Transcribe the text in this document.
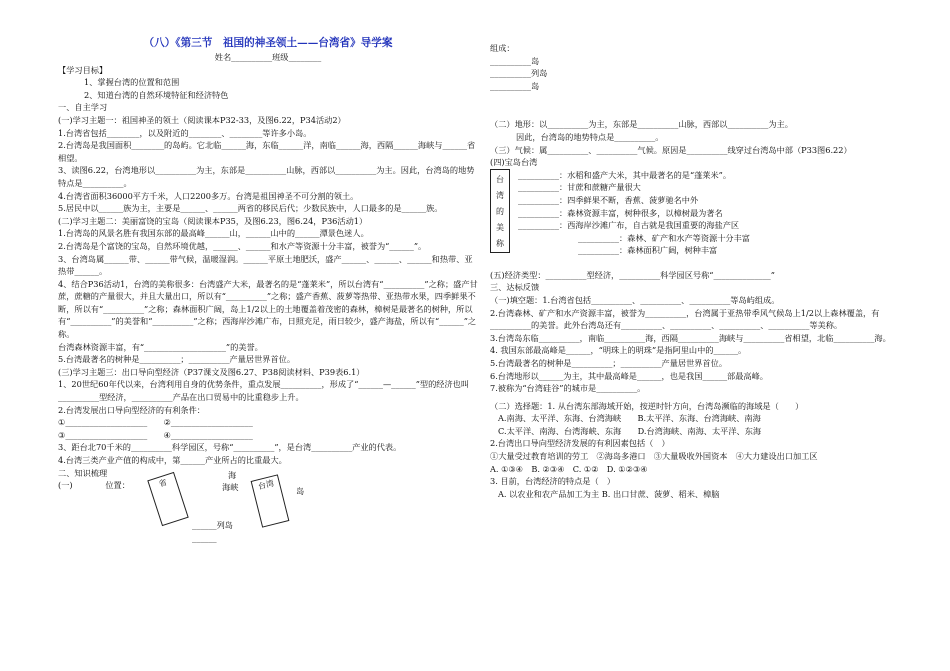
（八）《第三节　祖国的神圣领土——台湾省》导学案
姓名__________班级________
【学习目标】
1、掌握台湾的位置和范围
2、知道台湾的自然环境特征和经济特色
一、自主学习
(一)学习主题一：祖国神圣的领土（阅读课本P32-33，及图6.22，P34活动2）
1.台湾省包括________，以及附近的________、________等许多小岛。
2.台湾岛是我国面积________的岛屿。它北临______海，东临______洋，南临______海，西隔______海峡与______省相望。
3、读图6.22，台湾地形以__________为主，东部是__________山脉，西部以__________为主。因此，台湾岛的地势特点是__________。
4.台湾省面积36000平方千米，人口2200多万。台湾是祖国神圣不可分割的领土。
5.居民中以______族为主，主要是______、______两省的移民后代；少数民族中，人口最多的是______族。
(二)学习主题二：美丽富饶的宝岛（阅读课本P35，及图6.23，图6.24，P36活动1）
1.台湾岛的风景名胜有我国东部的最高峰______山，______山中的______潭景色迷人。
2.台湾岛是个富饶的宝岛，自然环境优越，______、______和水产等资源十分丰富，被誉为“______”。
3、台湾岛属______带、______带气候，温暖湿润。______平原土地肥沃，盛产______、______、______和热带、亚热带______。
4、结合P36活动1，台湾的美称很多：台湾盛产大米，最著名的是“蓬莱米”，所以台湾有“__________”之称；盛产甘蔗，蔗糖的产量很大，并且大量出口，所以有“__________”之称；盛产香蕉、菠萝等热带、亚热带水果，四季鲜果不断，所以有“__________”之称；森林面积广阔，岛上1/2以上的土地覆盖着茂密的森林，樟树是最著名的树种，所以有“__________”的美誉和“__________”之称；西海岸沙滩广布，日照充足，雨日较少，盛产海盐，所以有“______”之称。
台湾森林资源丰富，有“____________________”的美誉。
5.台湾最著名的树种是__________；__________产量居世界首位。
(三)学习主题三：出口导向型经济（P37课文及图6.27、P38阅读材料、P39表6.1）
1、20世纪60年代以来，台湾利用自身的优势条件，重点发展__________，形成了“______—______”型的经济也叫__________型经济，__________产品在出口贸易中的比重稳步上升。
2.台湾发展出口导向型经济的有利条件：
①____________________　　②____________________
③____________________　　④____________________
3、距台北70千米的__________科学园区，号称“__________”，是台湾__________产业的代表。
4.台湾三类产业产值的构成中，第______产业所占的比重最大。
二、知识梳理
(一)　　　　位置：	省	台湾
海
海峡	岛
______列岛
______
组成：
__________岛
__________列岛
__________岛
（二）地形：以__________为主，东部是__________山脉，西部以__________为主。
因此，台湾岛的地势特点是__________。
（三）气候：属__________、__________气候。原因是__________线穿过台湾岛中部（P33图6.22）
(四)宝岛台湾
台
湾
的
美
称
__________：水稻和盛产大米，其中最著名的是“蓬莱米”。
__________：甘蔗和蔗糖产量很大
__________：四季鲜果不断，香蕉、菠萝驰名中外
__________：森林资源丰富，树种很多，以樟树最为著名
__________：西海岸沙滩广布，自古就是我国重要的海盐产区
__________：森林、矿产和水产等资源十分丰富
__________：森林面积广阔，树种丰富
(五)经济类型：__________型经济，__________科学园区号称“______________”
三、达标反馈
（一)填空题：1.台湾省包括__________、__________、__________等岛屿组成。
2.台湾森林、矿产和水产资源丰富，被誉为__________，台湾属于亚热带季风气候岛上1/2以上森林覆盖，有__________的美誉。此外台湾岛还有__________、__________、__________、__________等美称。
3.台湾岛东临__________，南临__________海，西隔__________海峡与__________省相望，北临__________海。
4. 我国东部最高峰是______，“明珠上的明珠”是指阿里山中的______。
5.台湾最著名的树种是__________；__________产量居世界首位。
6.台湾地形以______为主，其中最高峰是______，也是我国______部最高峰。
7.被称为“台湾硅谷”的城市是__________。
（二）选择题：1. 从台湾东部海域开始，按逆时针方向，台湾岛濒临的海域是（　　）
A.南海、太平洋、东海、台湾海峡　　B.太平洋、东海、台湾海峡、南海
C.太平洋、南海、台湾海峡、东海　　D.台湾海峡、南海、太平洋、东海
2.台湾出口导向型经济发展的有利因素包括（　）
①大量受过教育培训的劳工　②海岛多港口　③大量吸收外国资本　④大力建设出口加工区
A. ①③④　B. ②③④　C. ①②　D. ①②③④
3. 目前，台湾经济的特点是（　）
A. 以农业和农产品加工为主 B. 出口甘蔗、菠萝、稻米、樟脑
